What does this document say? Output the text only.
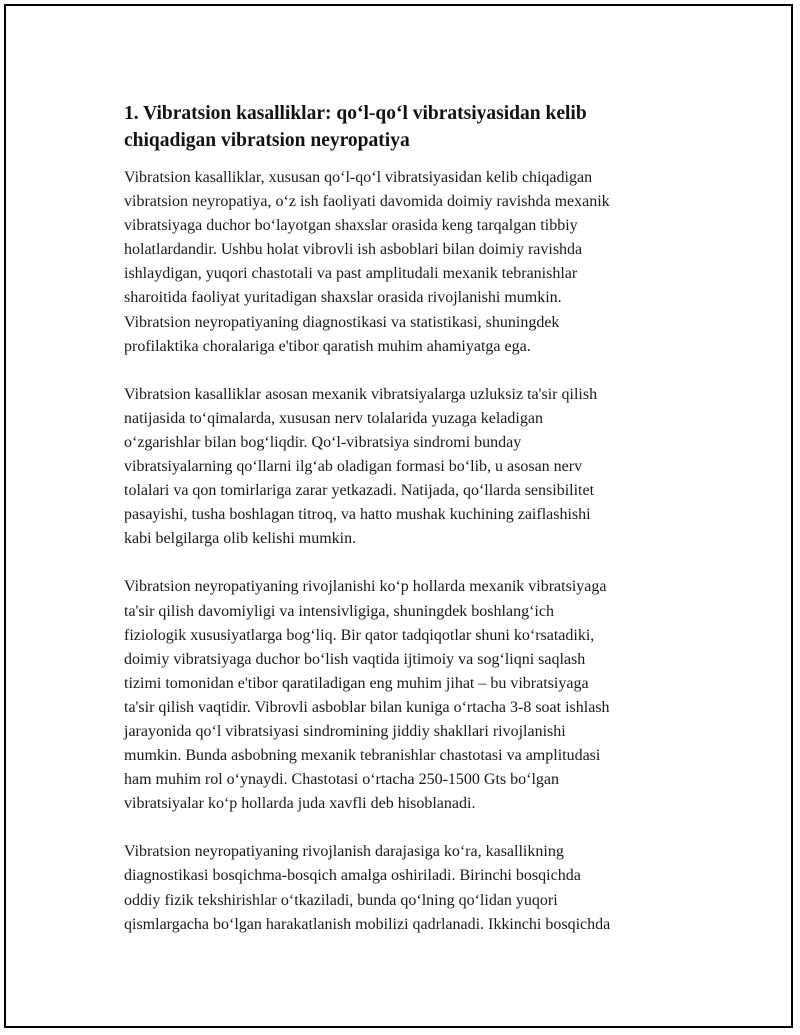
1. Vibratsion kasalliklar: qo‘l-qo‘l vibratsiyasidan kelib
chiqadigan vibratsion neyropatiya

Vibratsion kasalliklar, xususan qo‘l-qo‘l vibratsiyasidan kelib chiqadigan
vibratsion neyropatiya, o‘z ish faoliyati davomida doimiy ravishda mexanik
vibratsiyaga duchor bo‘layotgan shaxslar orasida keng tarqalgan tibbiy
holatlardandir. Ushbu holat vibrovli ish asboblari bilan doimiy ravishda
ishlaydigan, yuqori chastotali va past amplitudali mexanik tebranishlar
sharoitida faoliyat yuritadigan shaxslar orasida rivojlanishi mumkin.
Vibratsion neyropatiyaning diagnostikasi va statistikasi, shuningdek
profilaktika choralariga e'tibor qaratish muhim ahamiyatga ega.

Vibratsion kasalliklar asosan mexanik vibratsiyalarga uzluksiz ta'sir qilish
natijasida to‘qimalarda, xususan nerv tolalarida yuzaga keladigan
o‘zgarishlar bilan bog‘liqdir. Qo‘l-vibratsiya sindromi bunday
vibratsiyalarning qo‘llarni ilg‘ab oladigan formasi bo‘lib, u asosan nerv
tolalari va qon tomirlariga zarar yetkazadi. Natijada, qo‘llarda sensibilitet
pasayishi, tusha boshlagan titroq, va hatto mushak kuchining zaiflashishi
kabi belgilarga olib kelishi mumkin.

Vibratsion neyropatiyaning rivojlanishi ko‘p hollarda mexanik vibratsiyaga
ta'sir qilish davomiyligi va intensivligiga, shuningdek boshlang‘ich
fiziologik xususiyatlarga bog‘liq. Bir qator tadqiqotlar shuni ko‘rsatadiki,
doimiy vibratsiyaga duchor bo‘lish vaqtida ijtimoiy va sog‘liqni saqlash
tizimi tomonidan e'tibor qaratiladigan eng muhim jihat – bu vibratsiyaga
ta'sir qilish vaqtidir. Vibrovli asboblar bilan kuniga o‘rtacha 3-8 soat ishlash
jarayonida qo‘l vibratsiyasi sindromining jiddiy shakllari rivojlanishi
mumkin. Bunda asbobning mexanik tebranishlar chastotasi va amplitudasi
ham muhim rol o‘ynaydi. Chastotasi o‘rtacha 250-1500 Gts bo‘lgan
vibratsiyalar ko‘p hollarda juda xavfli deb hisoblanadi.

Vibratsion neyropatiyaning rivojlanish darajasiga ko‘ra, kasallikning
diagnostikasi bosqichma-bosqich amalga oshiriladi. Birinchi bosqichda
oddiy fizik tekshirishlar o‘tkaziladi, bunda qo‘lning qo‘lidan yuqori
qismlargacha bo‘lgan harakatlanish mobilizi qadrlanadi. Ikkinchi bosqichda
